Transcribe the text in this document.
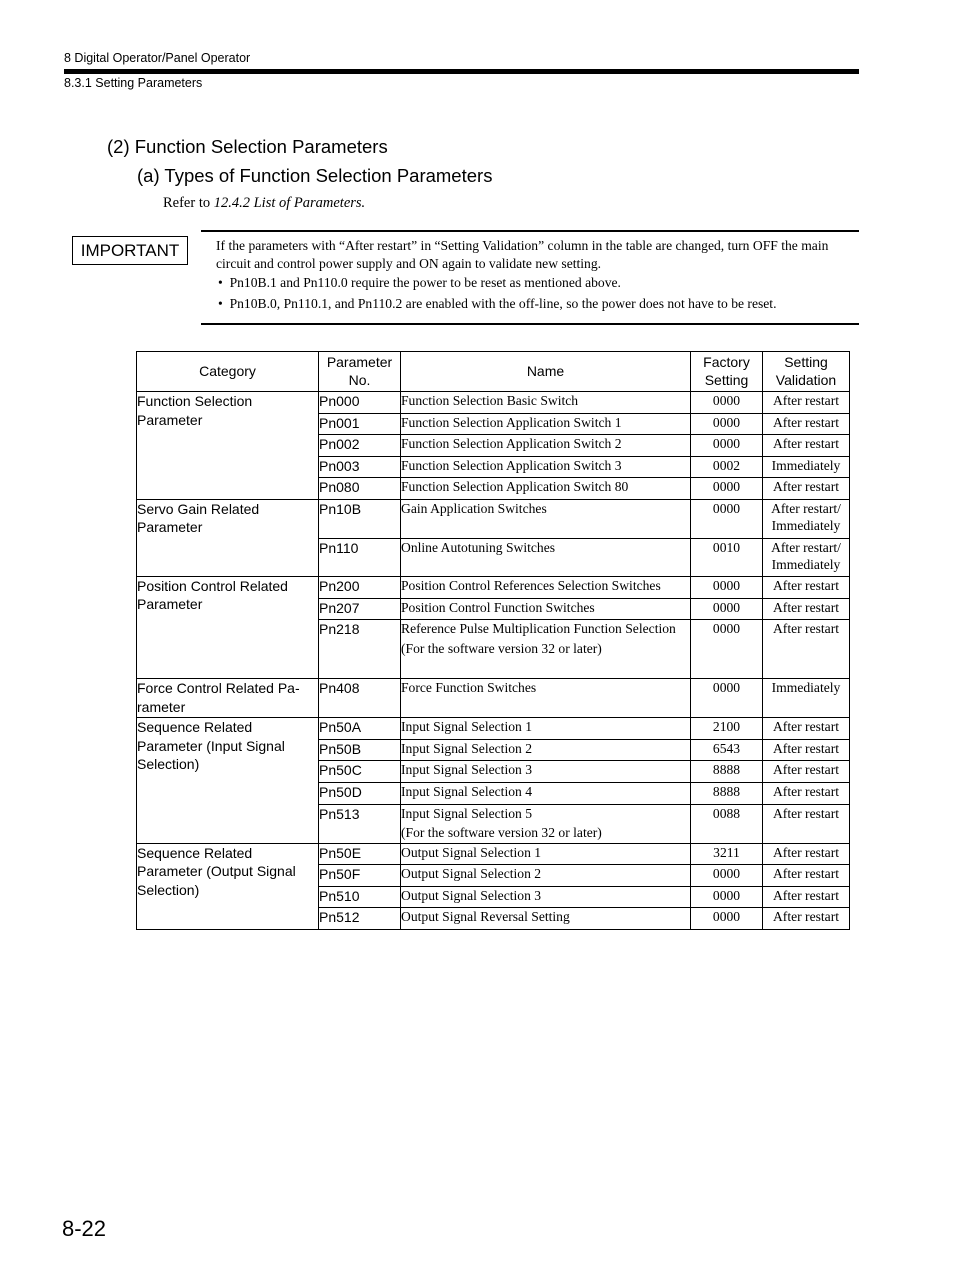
8 Digital Operator/Panel Operator
8.3.1 Setting Parameters
(2) Function Selection Parameters
(a) Types of Function Selection Parameters
Refer to 12.4.2 List of Parameters.
IMPORTANT	If the parameters with “After restart” in “Setting Validation” column in the table are changed, turn OFF the main circuit and control power supply and ON again to validate new setting.

•  Pn10B.1 and Pn110.0 require the power to be reset as mentioned above.
•  Pn10B.0, Pn110.1, and Pn110.2 are enabled with the off-line, so the power does not have to be reset.
Category	Parameter No.	Name	Factory Setting	Setting Validation
Function Selection Parameter	Pn000	Function Selection Basic Switch	0000	After restart
	Pn001	Function Selection Application Switch 1	0000	After restart
	Pn002	Function Selection Application Switch 2	0000	After restart
	Pn003	Function Selection Application Switch 3	0002	Immediately
	Pn080	Function Selection Application Switch 80	0000	After restart
Servo Gain Related Parameter	Pn10B	Gain Application Switches	0000	After restart/ Immediately
	Pn110	Online Autotuning Switches	0010	After restart/ Immediately
Position Control Related Parameter	Pn200	Position Control References Selection Switches	0000	After restart
	Pn207	Position Control Function Switches	0000	After restart
	Pn218	Reference Pulse Multiplication Function Selection
(For the software version 32 or later)	0000	After restart
Force Control Related Pa- rameter	Pn408	Force Function Switches	0000	Immediately
Sequence Related Parameter (Input Signal Selection)	Pn50A	Input Signal Selection 1	2100	After restart
	Pn50B	Input Signal Selection 2	6543	After restart
	Pn50C	Input Signal Selection 3	8888	After restart
	Pn50D	Input Signal Selection 4	8888	After restart
	Pn513	Input Signal Selection 5
(For the software version 32 or later)	0088	After restart
Sequence Related Parameter (Output Signal Selection)	Pn50E	Output Signal Selection 1	3211	After restart
	Pn50F	Output Signal Selection 2	0000	After restart
	Pn510	Output Signal Selection 3	0000	After restart
	Pn512	Output Signal Reversal Setting	0000	After restart
8-22
